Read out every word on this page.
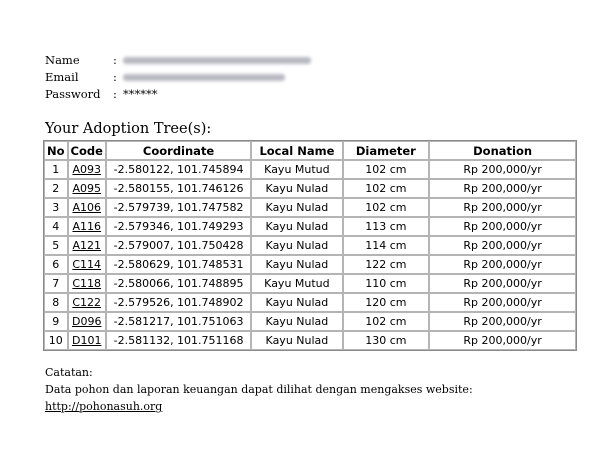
Name	:
Email	:
Password	: ******
Your Adoption Tree(s):
No	Code	Coordinate	Local Name	Diameter	Donation
1	A093	-2.580122, 101.745894	Kayu Mutud	102 cm	Rp 200,000/yr
2	A095	-2.580155, 101.746126	Kayu Nulad	102 cm	Rp 200,000/yr
3	A106	-2.579739, 101.747582	Kayu Nulad	102 cm	Rp 200,000/yr
4	A116	-2.579346, 101.749293	Kayu Nulad	113 cm	Rp 200,000/yr
5	A121	-2.579007, 101.750428	Kayu Nulad	114 cm	Rp 200,000/yr
6	C114	-2.580629, 101.748531	Kayu Nulad	122 cm	Rp 200,000/yr
7	C118	-2.580066, 101.748895	Kayu Mutud	110 cm	Rp 200,000/yr
8	C122	-2.579526, 101.748902	Kayu Nulad	120 cm	Rp 200,000/yr
9	D096	-2.581217, 101.751063	Kayu Nulad	102 cm	Rp 200,000/yr
10	D101	-2.581132, 101.751168	Kayu Nulad	130 cm	Rp 200,000/yr
Catatan:
Data pohon dan laporan keuangan dapat dilihat dengan mengakses website:
http://pohonasuh.org
